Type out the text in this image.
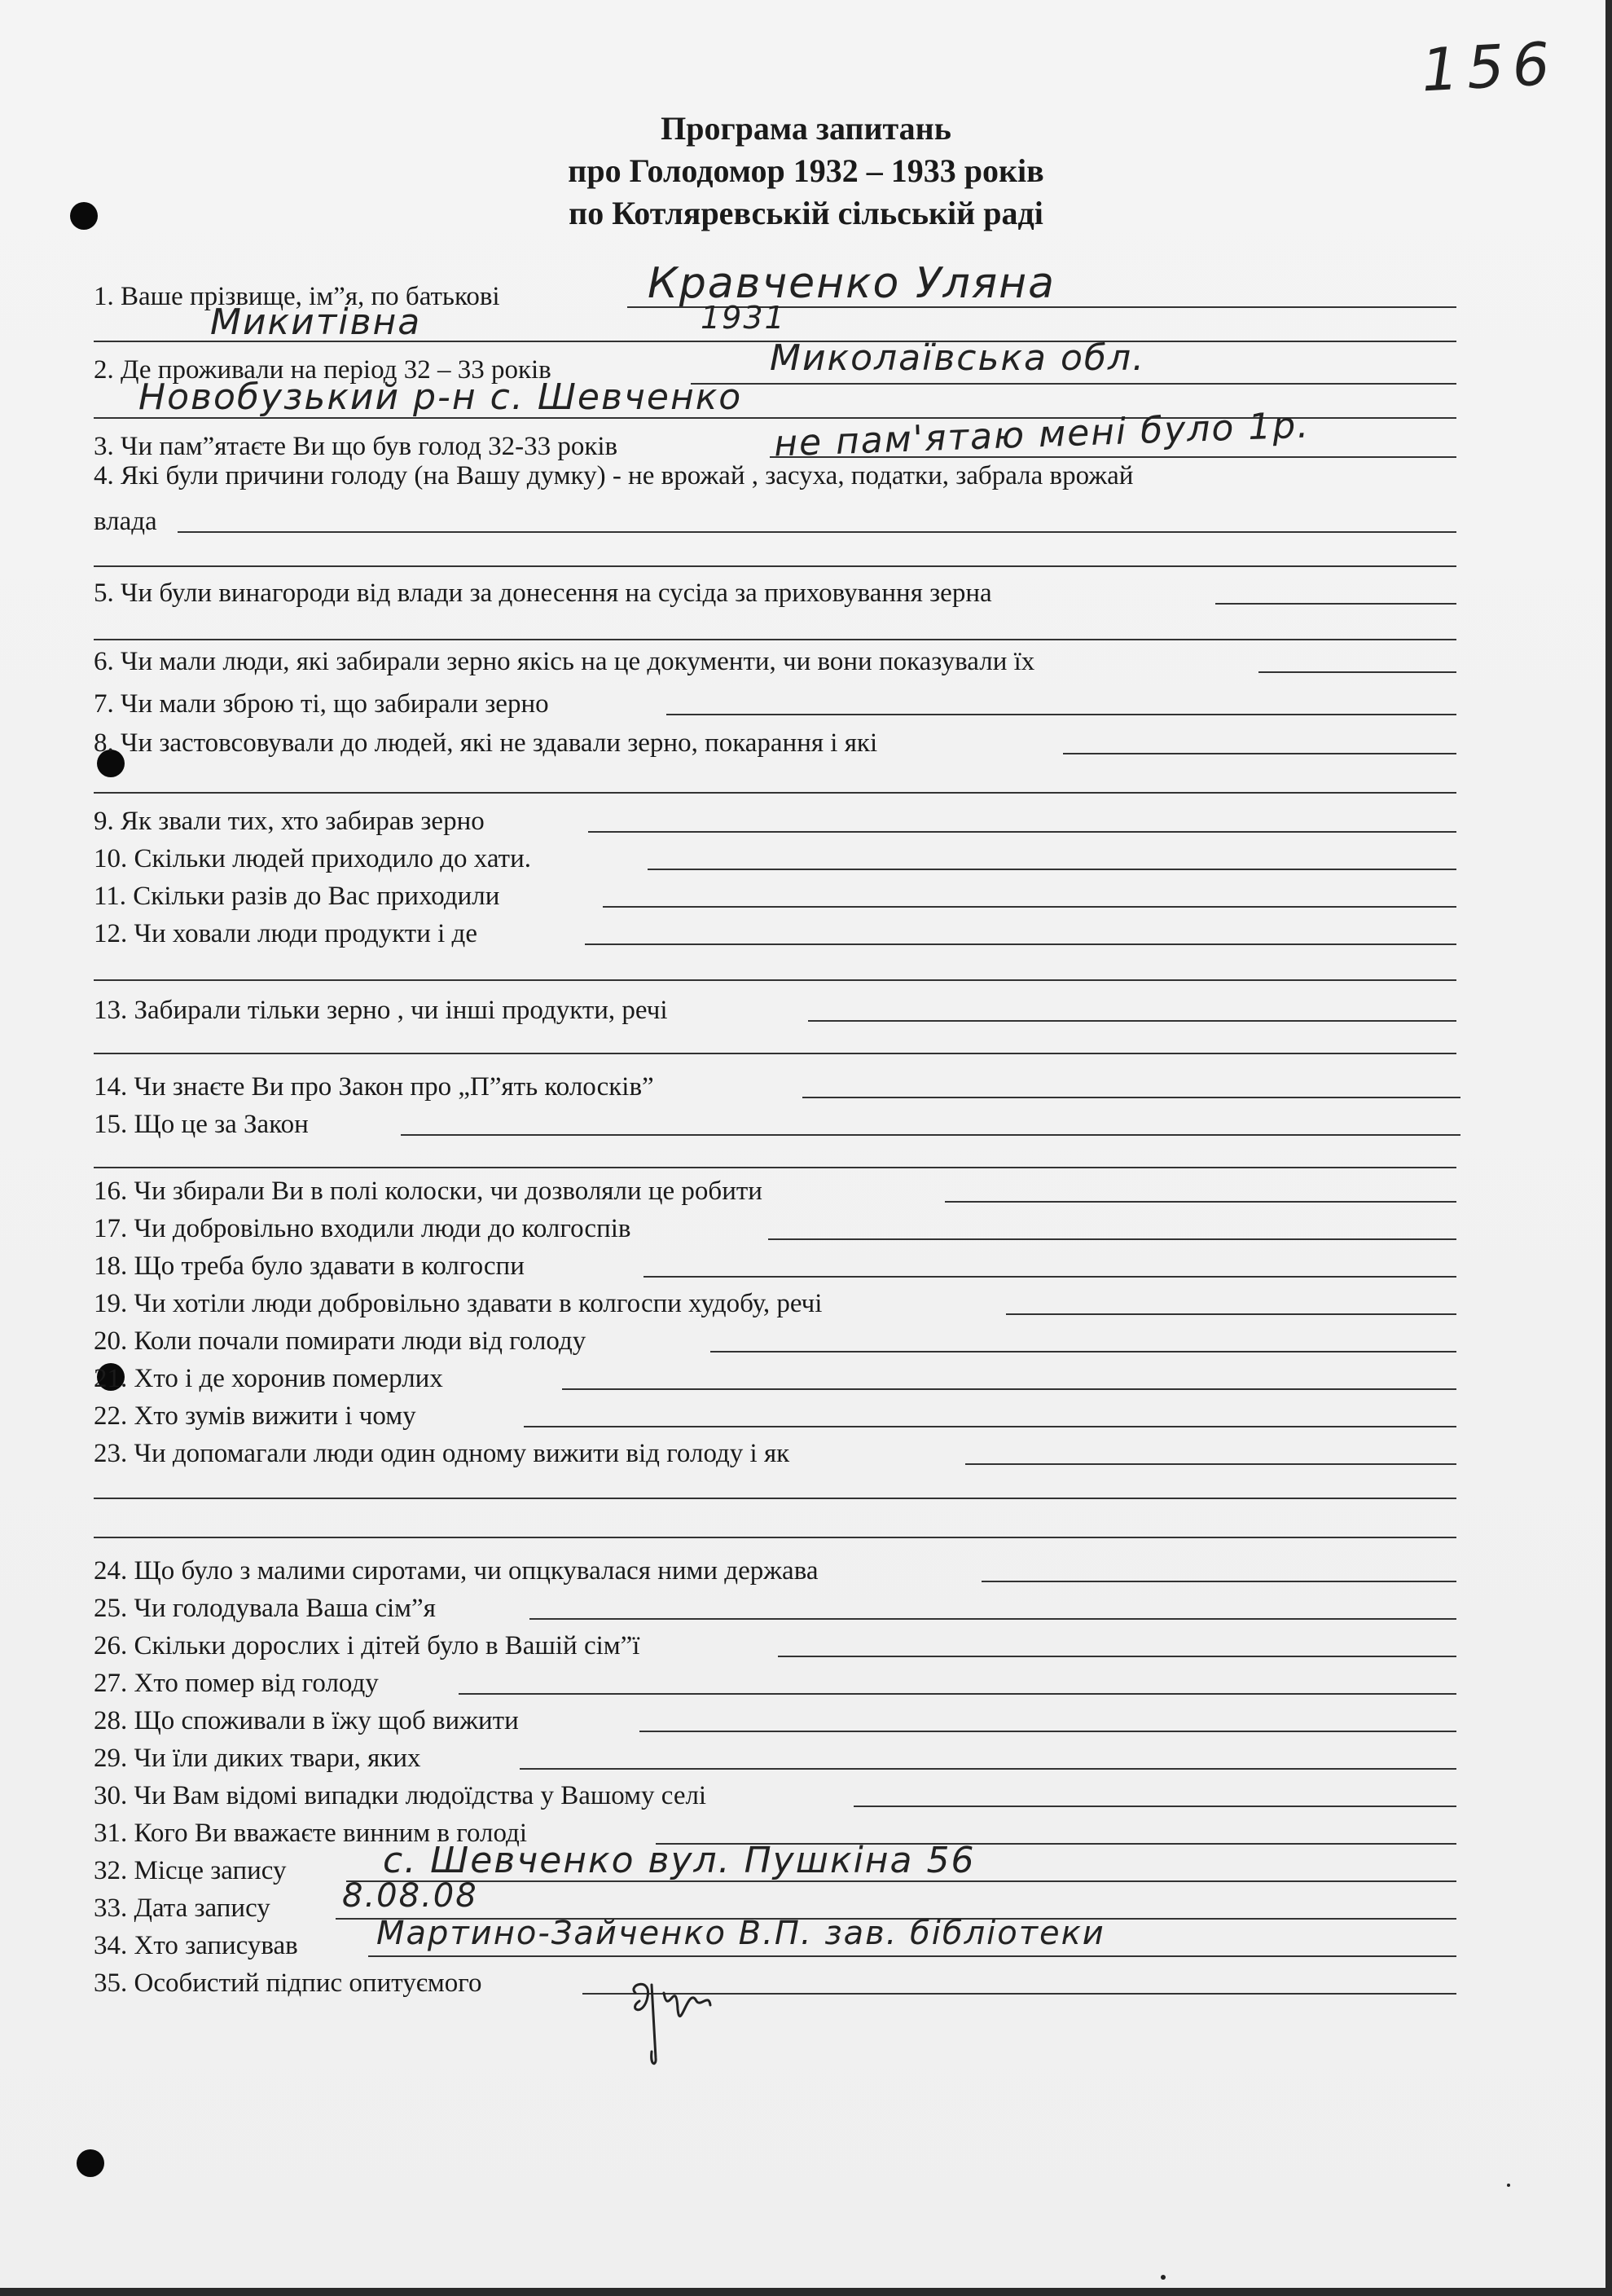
156
Програма запитань
про Голодомор 1932 – 1933 років
по Котляревській сільській раді
1. Ваше прізвище, ім”я, по батькові
2. Де проживали на період 32 – 33 років
3. Чи пам”ятаєте Ви що був голод 32-33 років
4. Які були причини голоду (на Вашу думку) - не врожай , засуха, податки, забрала врожай
влада
5. Чи були винагороди від влади за донесення на сусіда за приховування зерна
6. Чи мали люди, які забирали зерно якісь на це документи, чи вони показували їх
7. Чи мали зброю ті, що забирали зерно
8. Чи застовсовували до людей, які не здавали зерно, покарання і які
9. Як звали тих, хто забирав зерно
10. Скільки людей приходило до хати.
11. Скільки разів до Вас приходили
12. Чи ховали люди продукти і де
13. Забирали тільки зерно , чи інші продукти, речі
14. Чи знаєте Ви про Закон про „П”ять колосків”
15. Що це за Закон
16. Чи збирали Ви в полі колоски, чи дозволяли це робити
17. Чи добровільно входили люди до колгоспів
18. Що треба було здавати в колгоспи
19. Чи хотіли люди добровільно здавати в колгоспи худобу, речі
20. Коли почали помирати люди від голоду
21. Хто і де хоронив померлих
22. Хто зумів вижити і чому
23. Чи допомагали люди один одному вижити від голоду і як
24. Що було з малими сиротами, чи опцкувалася ними держава
25. Чи голодувала Ваша сім”я
26. Скільки дорослих і дітей було в Вашій сім”ї
27. Хто помер від голоду
28. Що споживали в їжу щоб вижити
29. Чи їли диких твари, яких
30. Чи Вам відомі випадки людоїдства у Вашому селі
31. Кого Ви вважаєте винним в голоді
32. Місце запису
33. Дата запису
34. Хто записував
35. Особистий підпис опитуємого
Кравченко Уляна
Микитівна	1931
Миколаївська обл.
Новобузький р-н с. Шевченко
не пам'ятаю мені було 1р.
с. Шевченко вул. Пушкіна 56
8.08.08
Мартино-Зайченко В.П. зав. бібліотеки
